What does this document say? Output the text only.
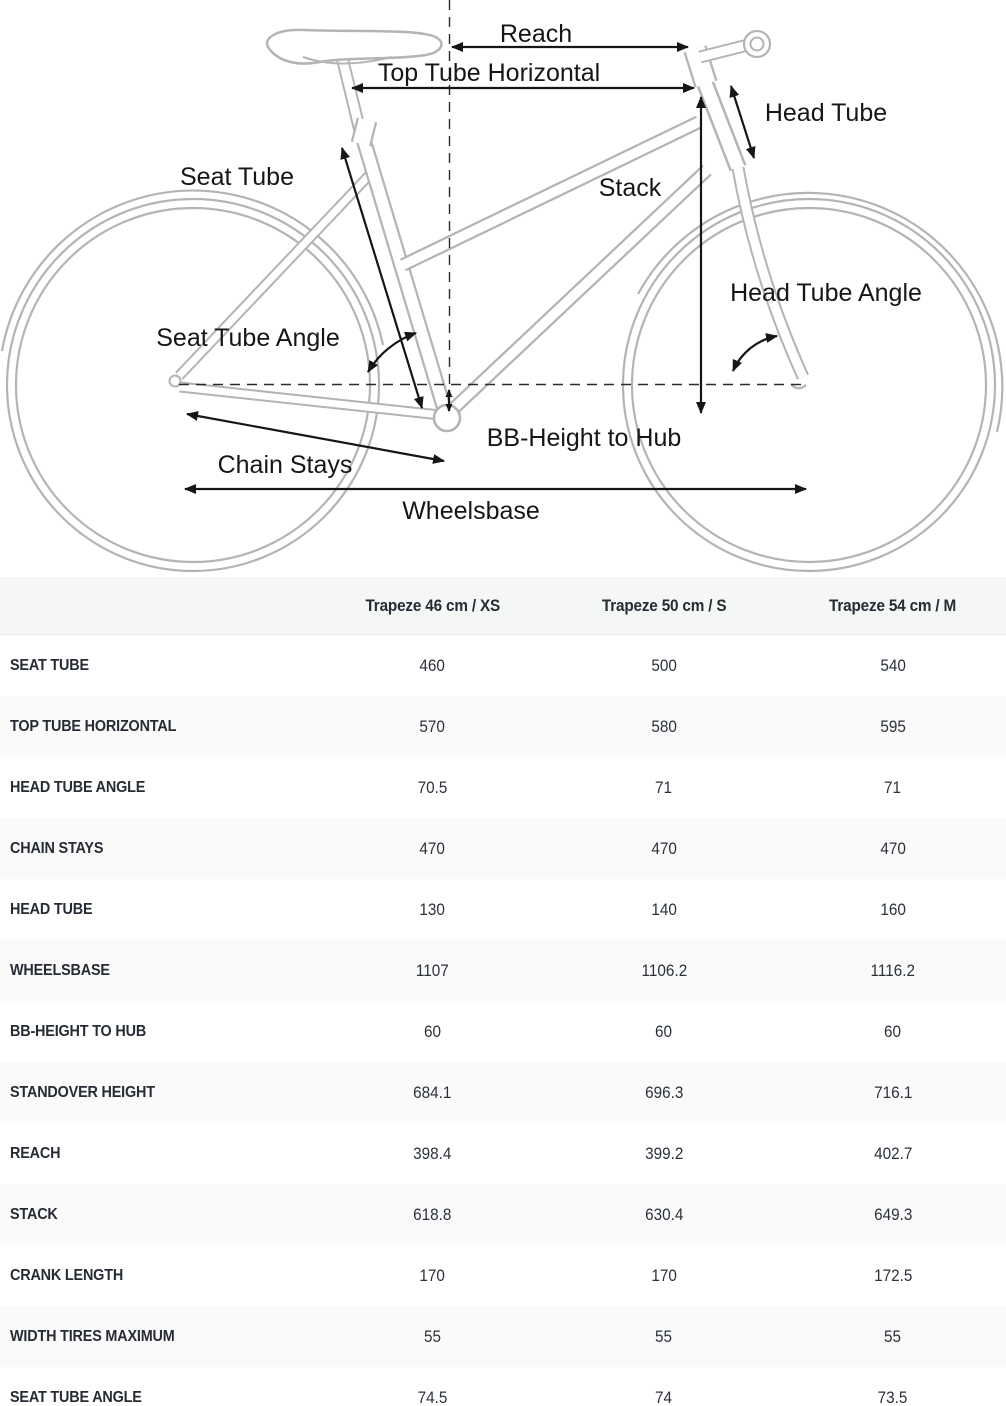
Reach
Top Tube Horizontal
Head Tube
Seat Tube	Stack
Head Tube Angle
Seat Tube Angle
BB-Height to Hub
Chain Stays
Wheelsbase
	Trapeze 46 cm / XS	Trapeze 50 cm / S	Trapeze 54 cm / M
SEAT TUBE	460	500	540
TOP TUBE HORIZONTAL	570	580	595
HEAD TUBE ANGLE	70.5	71	71
CHAIN STAYS	470	470	470
HEAD TUBE	130	140	160
WHEELSBASE	1107	1106.2	1116.2
BB-HEIGHT TO HUB	60	60	60
STANDOVER HEIGHT	684.1	696.3	716.1
REACH	398.4	399.2	402.7
STACK	618.8	630.4	649.3
CRANK LENGTH	170	170	172.5
WIDTH TIRES MAXIMUM	55	55	55
SEAT TUBE ANGLE	74.5	74	73.5
